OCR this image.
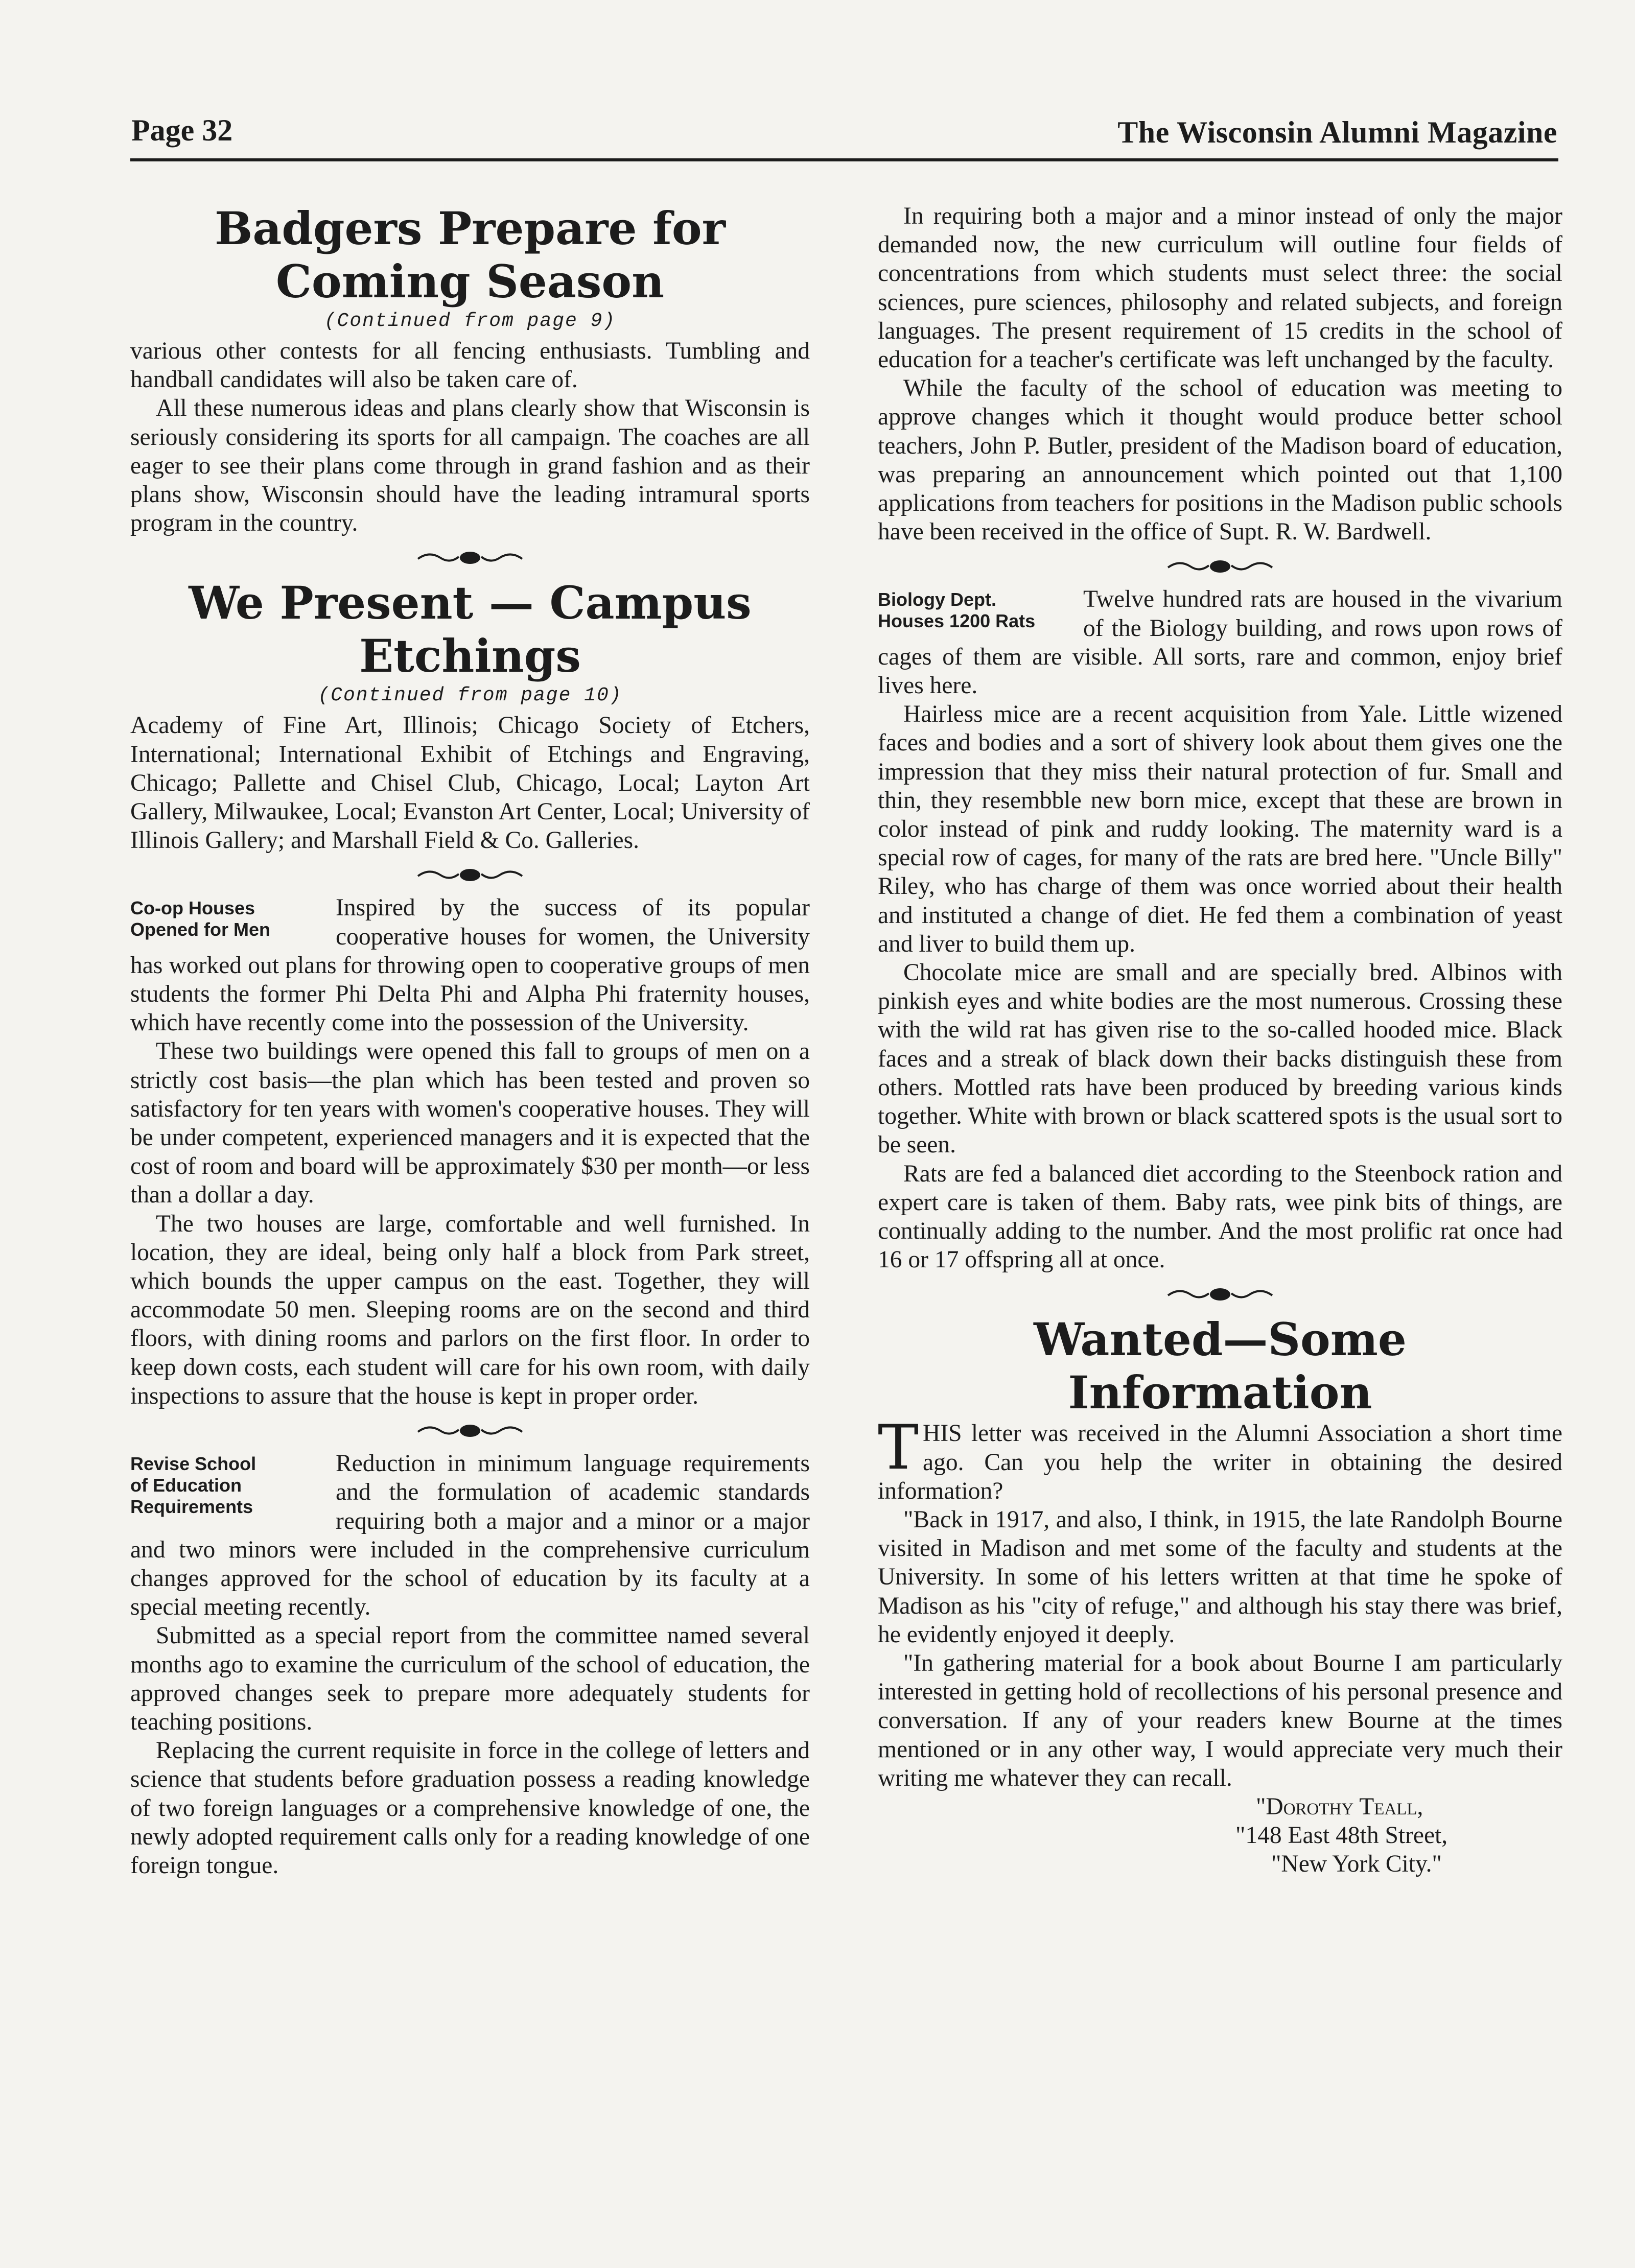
Page 32	The Wisconsin Alumni Magazine
Badgers Prepare for Coming Season
(Continued from page 9)

various other contests for all fencing enthusiasts. Tumbling and handball candidates will also be taken care of.

All these numerous ideas and plans clearly show that Wisconsin is seriously considering its sports for all campaign. The coaches are all eager to see their plans come through in grand fashion and as their plans show, Wisconsin should have the leading intramural sports program in the country.

We Present — Campus Etchings
(Continued from page 10)

Academy of Fine Art, Illinois; Chicago Society of Etchers, International; International Exhibit of Etchings and Engraving, Chicago; Pallette and Chisel Club, Chicago, Local; Layton Art Gallery, Milwaukee, Local; Evanston Art Center, Local; University of Illinois Gallery; and Marshall Field & Co. Galleries.

Co-op Houses
Opened for Men

Inspired by the success of its popular cooperative houses for women, the University has worked out plans for throwing open to cooperative groups of men students the former Phi Delta Phi and Alpha Phi fraternity houses, which have recently come into the possession of the University.

These two buildings were opened this fall to groups of men on a strictly cost basis—the plan which has been tested and proven so satisfactory for ten years with women's cooperative houses. They will be under competent, experienced managers and it is expected that the cost of room and board will be approximately $30 per month—or less than a dollar a day.

The two houses are large, comfortable and well furnished. In location, they are ideal, being only half a block from Park street, which bounds the upper campus on the east. Together, they will accommodate 50 men. Sleeping rooms are on the second and third floors, with dining rooms and parlors on the first floor. In order to keep down costs, each student will care for his own room, with daily inspections to assure that the house is kept in proper order.

Revise School
of Education
Requirements

Reduction in minimum language requirements and the formulation of academic standards requiring both a major and a minor or a major and two minors were included in the comprehensive curriculum changes approved for the school of education by its faculty at a special meeting recently.

Submitted as a special report from the committee named several months ago to examine the curriculum of the school of education, the approved changes seek to prepare more adequately students for teaching positions.

Replacing the current requisite in force in the college of letters and science that students before graduation possess a reading knowledge of two foreign languages or a comprehensive knowledge of one, the newly adopted requirement calls only for a reading knowledge of one foreign tongue.

In requiring both a major and a minor instead of only the major demanded now, the new curriculum will outline four fields of concentrations from which students must select three: the social sciences, pure sciences, philosophy and related subjects, and foreign languages. The present requirement of 15 credits in the school of education for a teacher's certificate was left unchanged by the faculty.

While the faculty of the school of education was meeting to approve changes which it thought would produce better school teachers, John P. Butler, president of the Madison board of education, was preparing an announcement which pointed out that 1,100 applications from teachers for positions in the Madison public schools have been received in the office of Supt. R. W. Bardwell.

Biology Dept.
Houses 1200 Rats

Twelve hundred rats are housed in the vivarium of the Biology building, and rows upon rows of cages of them are visible. All sorts, rare and common, enjoy brief lives here.

Hairless mice are a recent acquisition from Yale. Little wizened faces and bodies and a sort of shivery look about them gives one the impression that they miss their natural protection of fur. Small and thin, they resembble new born mice, except that these are brown in color instead of pink and ruddy looking. The maternity ward is a special row of cages, for many of the rats are bred here. "Uncle Billy" Riley, who has charge of them was once worried about their health and instituted a change of diet. He fed them a combination of yeast and liver to build them up.

Chocolate mice are small and are specially bred. Albinos with pinkish eyes and white bodies are the most numerous. Crossing these with the wild rat has given rise to the so-called hooded mice. Black faces and a streak of black down their backs distinguish these from others. Mottled rats have been produced by breeding various kinds together. White with brown or black scattered spots is the usual sort to be seen.

Rats are fed a balanced diet according to the Steenbock ration and expert care is taken of them. Baby rats, wee pink bits of things, are continually adding to the number. And the most prolific rat once had 16 or 17 offspring all at once.

Wanted—Some Information

THIS letter was received in the Alumni Association a short time ago. Can you help the writer in obtaining the desired information?

"Back in 1917, and also, I think, in 1915, the late Randolph Bourne visited in Madison and met some of the faculty and students at the University. In some of his letters written at that time he spoke of Madison as his "city of refuge," and although his stay there was brief, he evidently enjoyed it deeply.

"In gathering material for a book about Bourne I am particularly interested in getting hold of recollections of his personal presence and conversation. If any of your readers knew Bourne at the times mentioned or in any other way, I would appreciate very much their writing me whatever they can recall.

"Dorothy Teall,

"148 East 48th Street,

"New York City."
